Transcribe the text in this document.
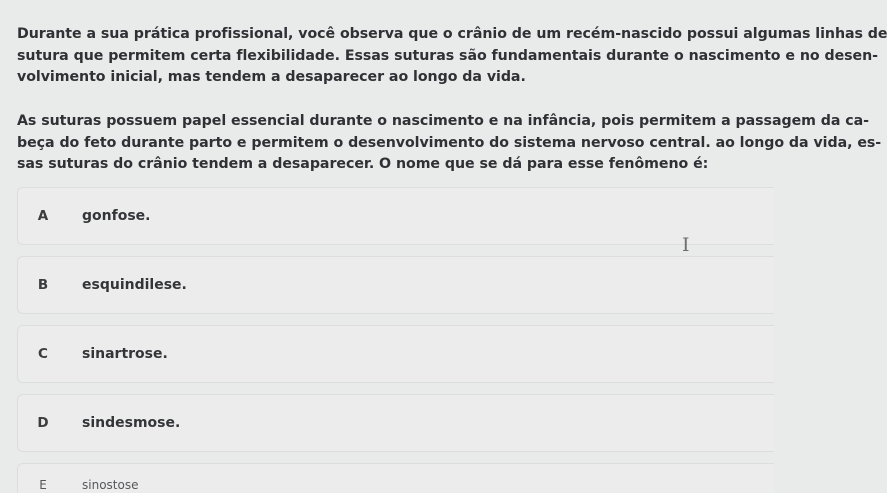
Durante a sua prática profissional, você observa que o crânio de um recém-nascido possui algumas linhas de
sutura que permitem certa flexibilidade. Essas suturas são fundamentais durante o nascimento e no desen-
volvimento inicial, mas tendem a desaparecer ao longo da vida.
As suturas possuem papel essencial durante o nascimento e na infância, pois permitem a passagem da ca-
beça do feto durante parto e permitem o desenvolvimento do sistema nervoso central. ao longo da vida, es-
sas suturas do crânio tendem a desaparecer. O nome que se dá para esse fenômeno é:
A	gonfose.
B	esquindilese.
C	sinartrose.
D	sindesmose.
E	sinostose
I
